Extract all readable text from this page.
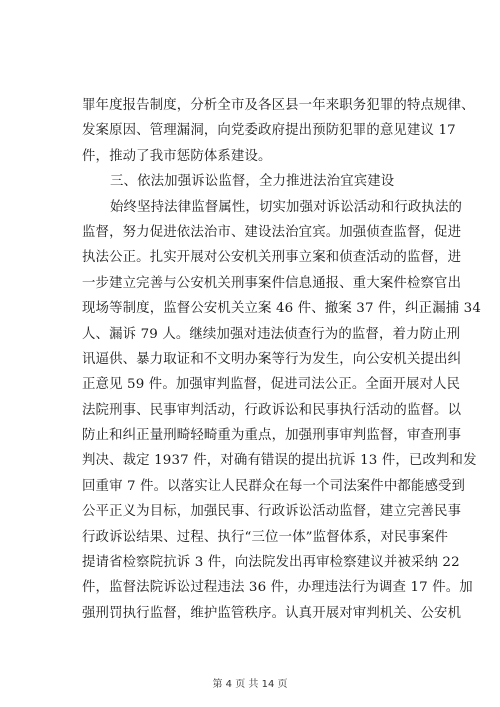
罪年度报告制度，分析全市及各区县一年来职务犯罪的特点规律、
发案原因、管理漏洞，向党委政府提出预防犯罪的意见建议 17
件，推动了我市惩防体系建设。
三、依法加强诉讼监督，全力推进法治宜宾建设
始终坚持法律监督属性，切实加强对诉讼活动和行政执法的
监督，努力促进依法治市、建设法治宜宾。加强侦查监督，促进
执法公正。扎实开展对公安机关刑事立案和侦查活动的监督，进
一步建立完善与公安机关刑事案件信息通报、重大案件检察官出
现场等制度，监督公安机关立案 46 件、撤案 37 件，纠正漏捕 34
人、漏诉 79 人。继续加强对违法侦查行为的监督，着力防止刑
讯逼供、暴力取证和不文明办案等行为发生，向公安机关提出纠
正意见 59 件。加强审判监督，促进司法公正。全面开展对人民
法院刑事、民事审判活动，行政诉讼和民事执行活动的监督。以
防止和纠正量刑畸轻畸重为重点，加强刑事审判监督，审查刑事
判决、裁定 1937 件，对确有错误的提出抗诉 13 件，已改判和发
回重审 7 件。以落实让人民群众在每一个司法案件中都能感受到
公平正义为目标，加强民事、行政诉讼活动监督，建立完善民事
行政诉讼结果、过程、执行“三位一体”监督体系，对民事案件
提请省检察院抗诉 3 件，向法院发出再审检察建议并被采纳 22
件，监督法院诉讼过程违法 36 件，办理违法行为调查 17 件。加
强刑罚执行监督，维护监管秩序。认真开展对审判机关、公安机
第 4 页 共 14 页
